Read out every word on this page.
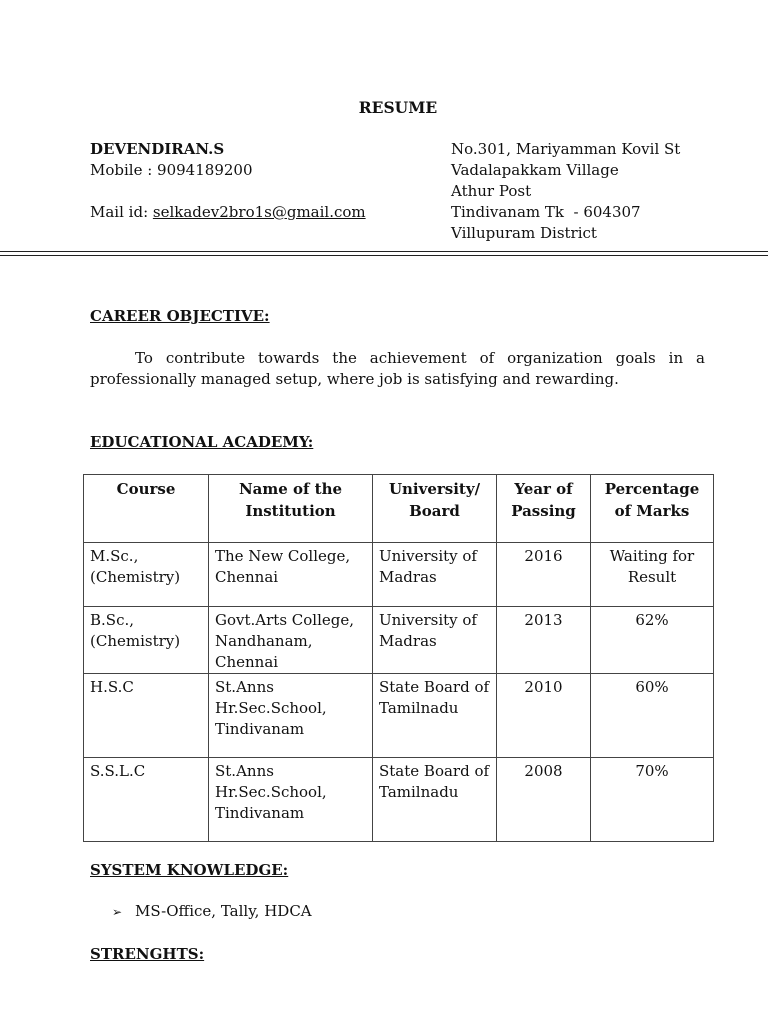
RESUME
DEVENDIRAN.S
Mobile : 9094189200
Mail id: selkadev2bro1s@gmail.com
No.301, Mariyamman Kovil St
Vadalapakkam Village
Athur Post
Tindivanam Tk  - 604307
Villupuram District
CAREER OBJECTIVE:
To contribute towards the achievement of organization goals in a professionally managed setup, where job is satisfying and rewarding.
EDUCATIONAL ACADEMY:
Course	Name of the Institution	University/ Board	Year of Passing	Percentage of Marks
M.Sc., (Chemistry)	The New College, Chennai	University of Madras	2016	Waiting for Result
B.Sc., (Chemistry)	Govt.Arts College, Nandhanam, Chennai	University of Madras	2013	62%
H.S.C	St.Anns Hr.Sec.School, Tindivanam	State Board of Tamilnadu	2010	60%
S.S.L.C	St.Anns Hr.Sec.School, Tindivanam	State Board of Tamilnadu	2008	70%
SYSTEM KNOWLEDGE:
➢ MS-Office, Tally, HDCA
STRENGHTS:
